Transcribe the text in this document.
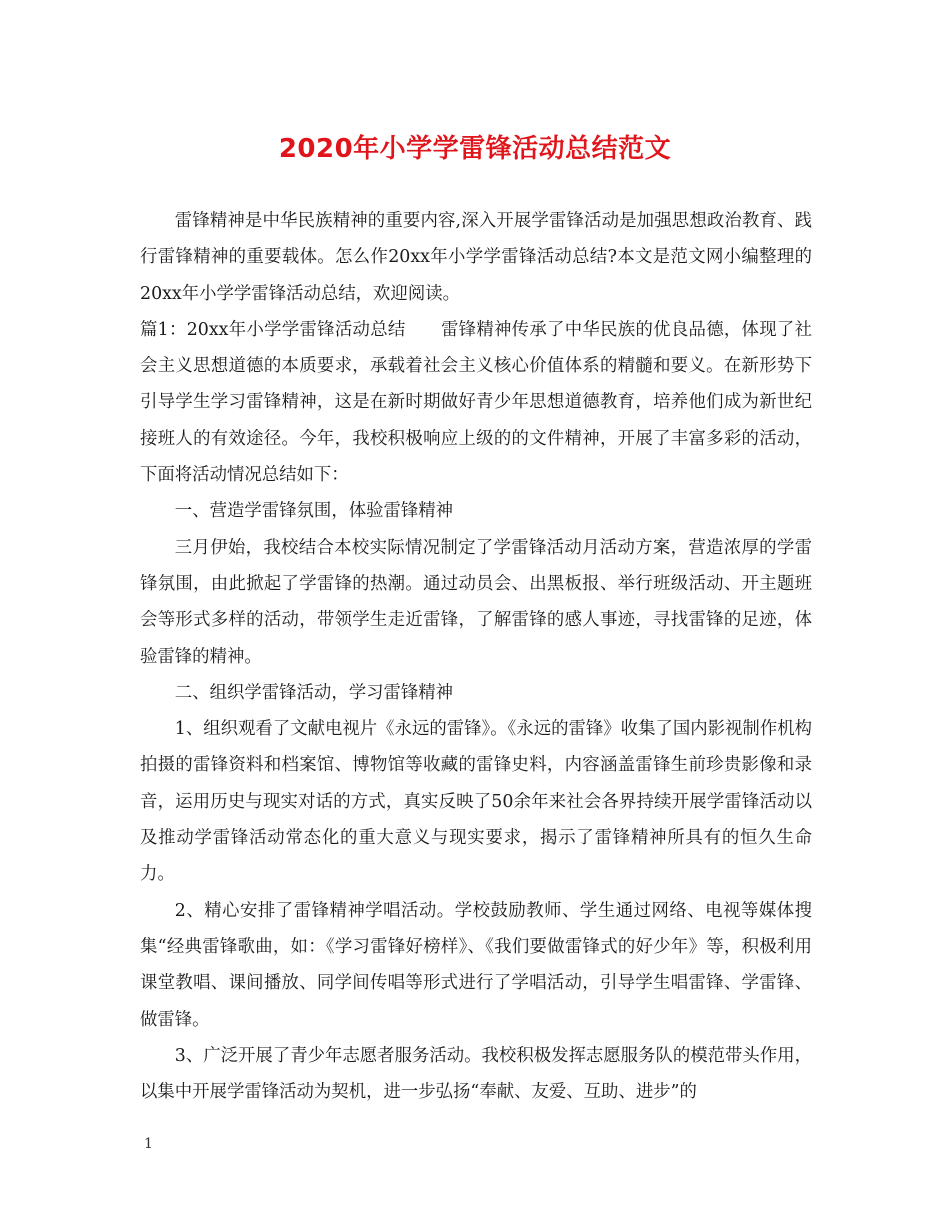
2020年小学学雷锋活动总结范文

雷锋精神是中华民族精神的重要内容,深入开展学雷锋活动是加强思想政治教育、践行雷锋精神的重要载体。怎么作20xx年小学学雷锋活动总结?本文是范文网小编整理的20xx年小学学雷锋活动总结，欢迎阅读。

篇1：20xx年小学学雷锋活动总结　　雷锋精神传承了中华民族的优良品德，体现了社会主义思想道德的本质要求，承载着社会主义核心价值体系的精髓和要义。在新形势下引导学生学习雷锋精神，这是在新时期做好青少年思想道德教育，培养他们成为新世纪接班人的有效途径。今年，我校积极响应上级的的文件精神，开展了丰富多彩的活动，下面将活动情况总结如下：

一、营造学雷锋氛围，体验雷锋精神

三月伊始，我校结合本校实际情况制定了学雷锋活动月活动方案，营造浓厚的学雷锋氛围，由此掀起了学雷锋的热潮。通过动员会、出黑板报、举行班级活动、开主题班会等形式多样的活动，带领学生走近雷锋，了解雷锋的感人事迹，寻找雷锋的足迹，体验雷锋的精神。

二、组织学雷锋活动，学习雷锋精神

1、组织观看了文献电视片《永远的雷锋》。《永远的雷锋》收集了国内影视制作机构拍摄的雷锋资料和档案馆、博物馆等收藏的雷锋史料，内容涵盖雷锋生前珍贵影像和录音，运用历史与现实对话的方式，真实反映了50余年来社会各界持续开展学雷锋活动以及推动学雷锋活动常态化的重大意义与现实要求，揭示了雷锋精神所具有的恒久生命力。

2、精心安排了雷锋精神学唱活动。学校鼓励教师、学生通过网络、电视等媒体搜集“经典雷锋歌曲，如：《学习雷锋好榜样》、《我们要做雷锋式的好少年》等，积极利用课堂教唱、课间播放、同学间传唱等形式进行了学唱活动，引导学生唱雷锋、学雷锋、做雷锋。

3、广泛开展了青少年志愿者服务活动。我校积极发挥志愿服务队的模范带头作用，以集中开展学雷锋活动为契机，进一步弘扬“奉献、友爱、互助、进步”的

1
